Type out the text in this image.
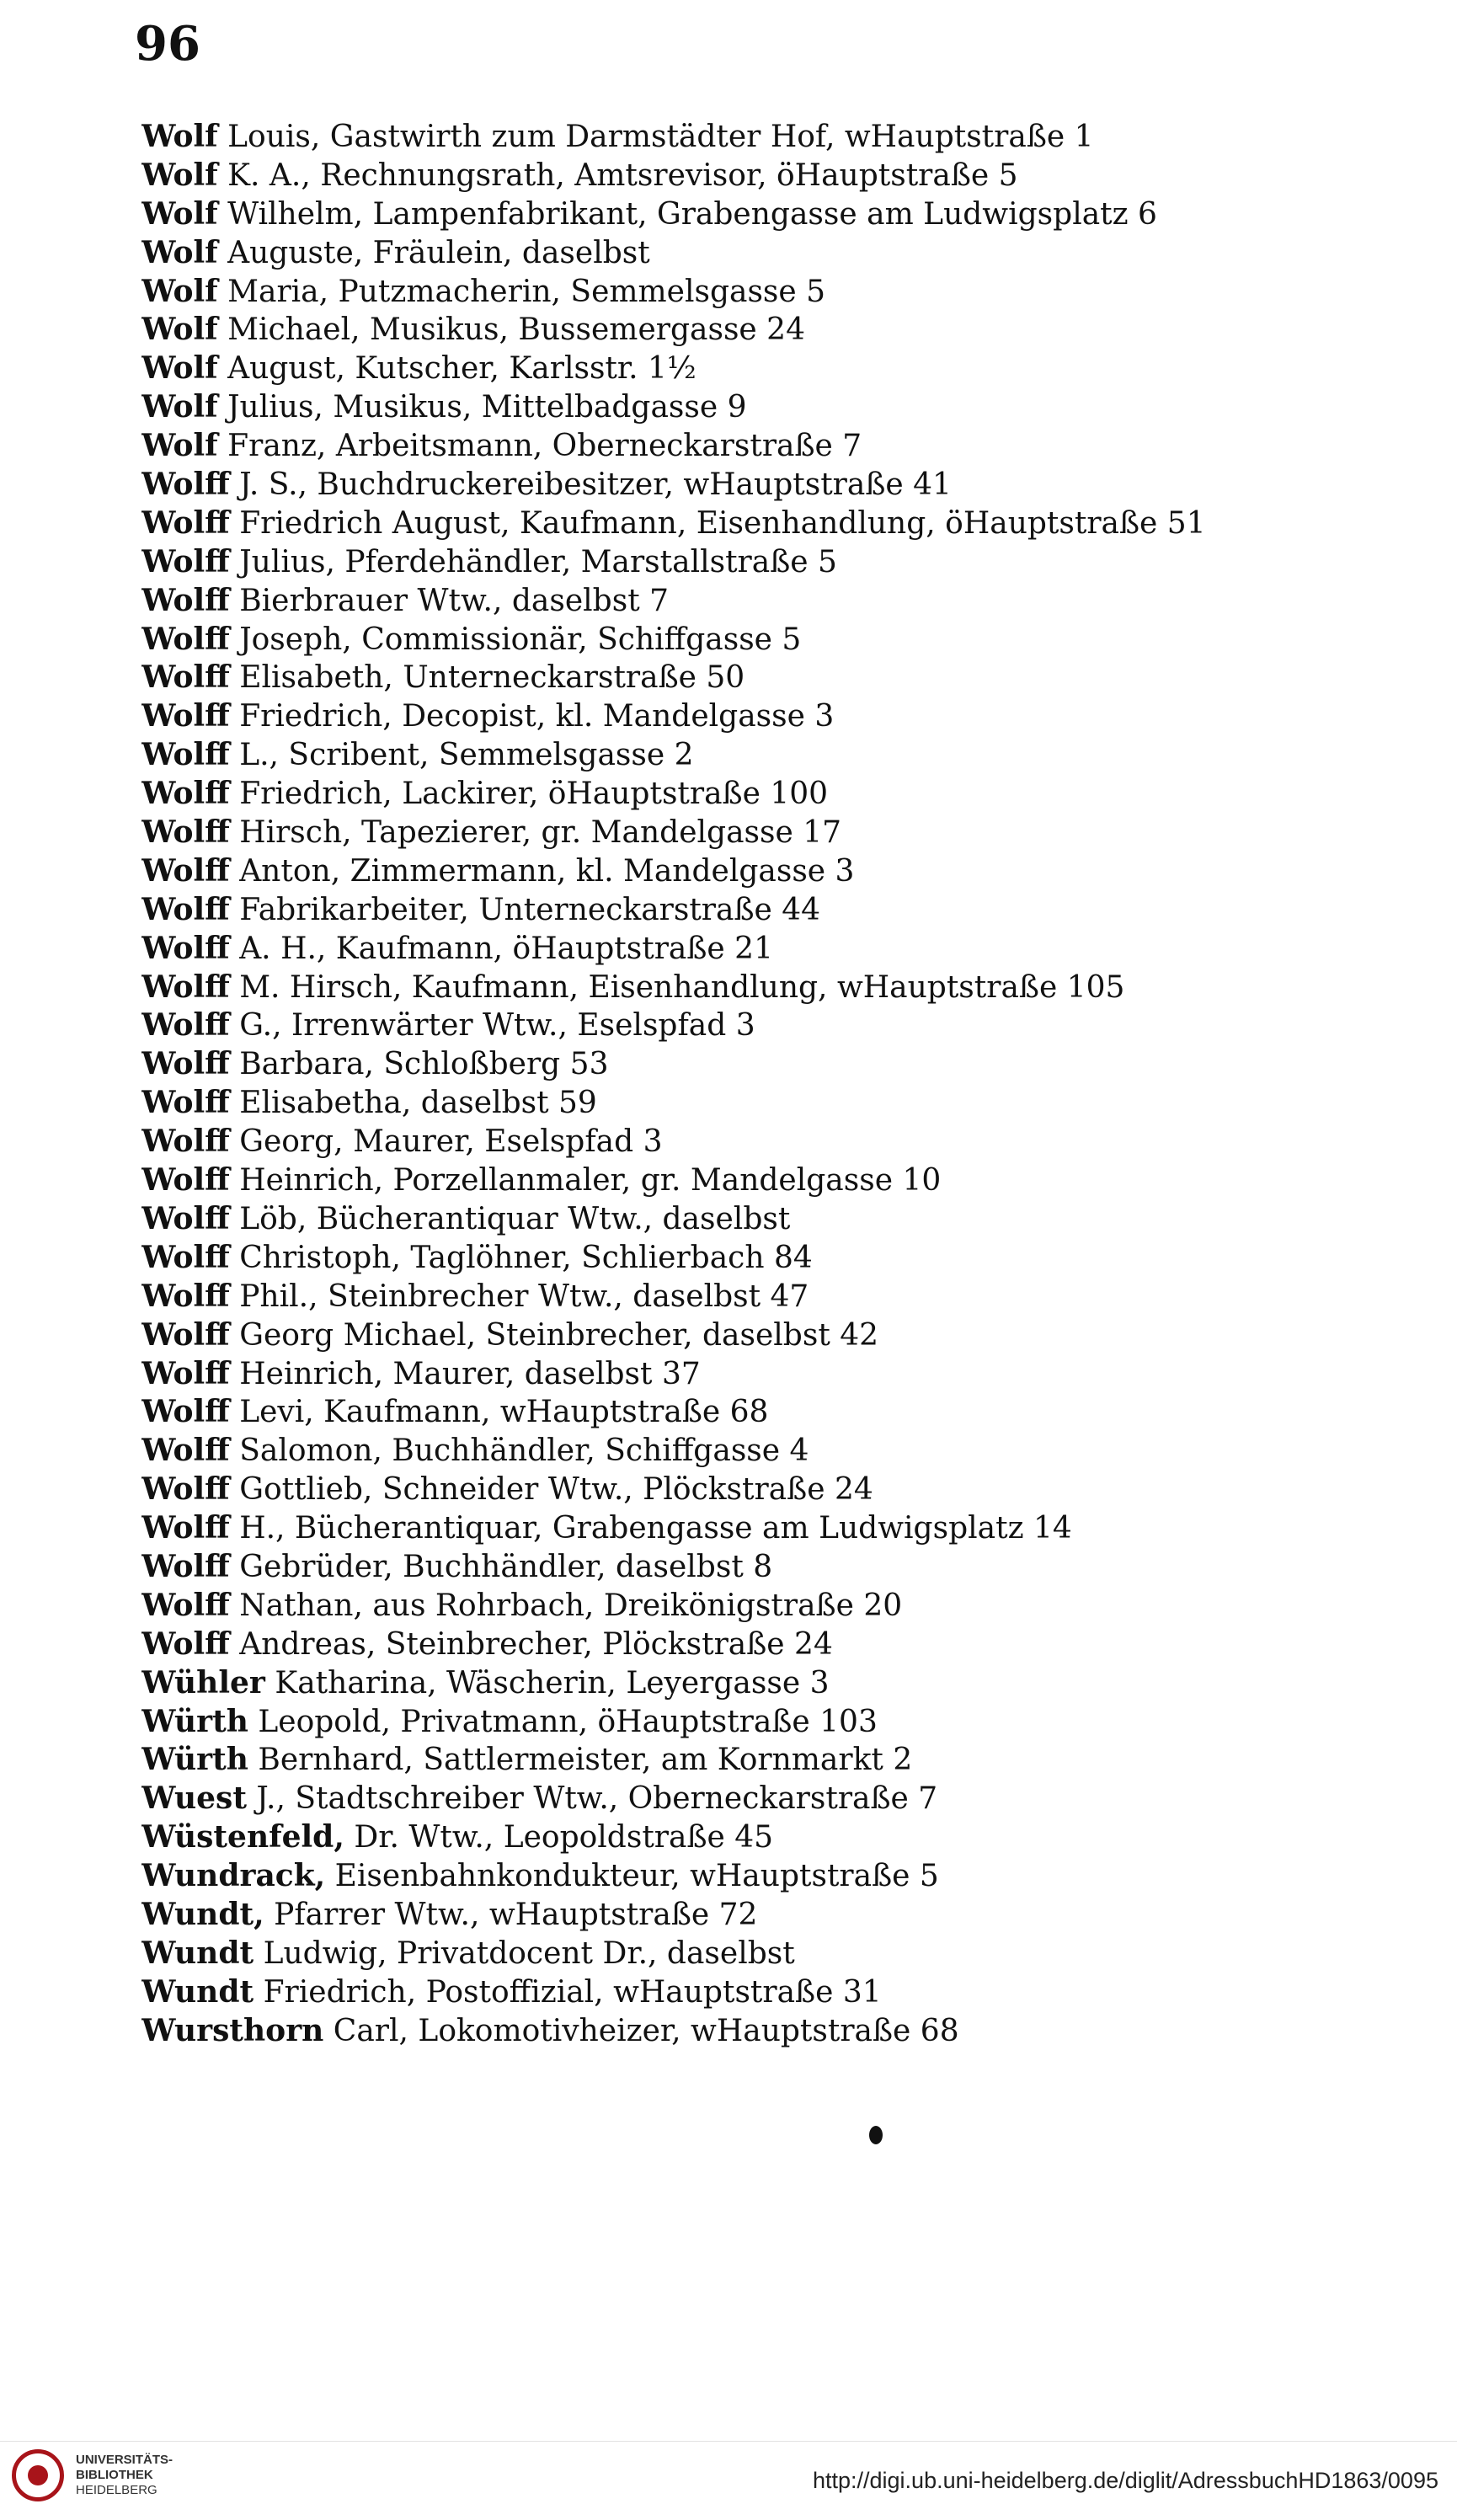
96
Wolf Louis, Gastwirth zum Darmstädter Hof, wHauptstraße 1
Wolf K. A., Rechnungsrath, Amtsrevisor, öHauptstraße 5
Wolf Wilhelm, Lampenfabrikant, Grabengasse am Ludwigsplatz 6
Wolf Auguste, Fräulein, daselbst
Wolf Maria, Putzmacherin, Semmelsgasse 5
Wolf Michael, Musikus, Bussemergasse 24
Wolf August, Kutscher, Karlsstr. 1½
Wolf Julius, Musikus, Mittelbadgasse 9
Wolf Franz, Arbeitsmann, Oberneckarstraße 7
Wolff J. S., Buchdruckereibesitzer, wHauptstraße 41
Wolff Friedrich August, Kaufmann, Eisenhandlung, öHauptstraße 51
Wolff Julius, Pferdehändler, Marstallstraße 5
Wolff Bierbrauer Wtw., daselbst 7
Wolff Joseph, Commissionär, Schiffgasse 5
Wolff Elisabeth, Unterneckarstraße 50
Wolff Friedrich, Decopist, kl. Mandelgasse 3
Wolff L., Scribent, Semmelsgasse 2
Wolff Friedrich, Lackirer, öHauptstraße 100
Wolff Hirsch, Tapezierer, gr. Mandelgasse 17
Wolff Anton, Zimmermann, kl. Mandelgasse 3
Wolff Fabrikarbeiter, Unterneckarstraße 44
Wolff A. H., Kaufmann, öHauptstraße 21
Wolff M. Hirsch, Kaufmann, Eisenhandlung, wHauptstraße 105
Wolff G., Irrenwärter Wtw., Eselspfad 3
Wolff Barbara, Schloßberg 53
Wolff Elisabetha, daselbst 59
Wolff Georg, Maurer, Eselspfad 3
Wolff Heinrich, Porzellanmaler, gr. Mandelgasse 10
Wolff Löb, Bücherantiquar Wtw., daselbst
Wolff Christoph, Taglöhner, Schlierbach 84
Wolff Phil., Steinbrecher Wtw., daselbst 47
Wolff Georg Michael, Steinbrecher, daselbst 42
Wolff Heinrich, Maurer, daselbst 37
Wolff Levi, Kaufmann, wHauptstraße 68
Wolff Salomon, Buchhändler, Schiffgasse 4
Wolff Gottlieb, Schneider Wtw., Plöckstraße 24
Wolff H., Bücherantiquar, Grabengasse am Ludwigsplatz 14
Wolff Gebrüder, Buchhändler, daselbst 8
Wolff Nathan, aus Rohrbach, Dreikönigstraße 20
Wolff Andreas, Steinbrecher, Plöckstraße 24
Wühler Katharina, Wäscherin, Leyergasse 3
Würth Leopold, Privatmann, öHauptstraße 103
Würth Bernhard, Sattlermeister, am Kornmarkt 2
Wuest J., Stadtschreiber Wtw., Oberneckarstraße 7
Wüstenfeld, Dr. Wtw., Leopoldstraße 45
Wundrack, Eisenbahnkondukteur, wHauptstraße 5
Wundt, Pfarrer Wtw., wHauptstraße 72
Wundt Ludwig, Privatdocent Dr., daselbst
Wundt Friedrich, Postoffizial, wHauptstraße 31
Wursthorn Carl, Lokomotivheizer, wHauptstraße 68
UNIVERSITÄTS-
BIBLIOTHEK
HEIDELBERG	http://digi.ub.uni-heidelberg.de/diglit/AdressbuchHD1863/0095
